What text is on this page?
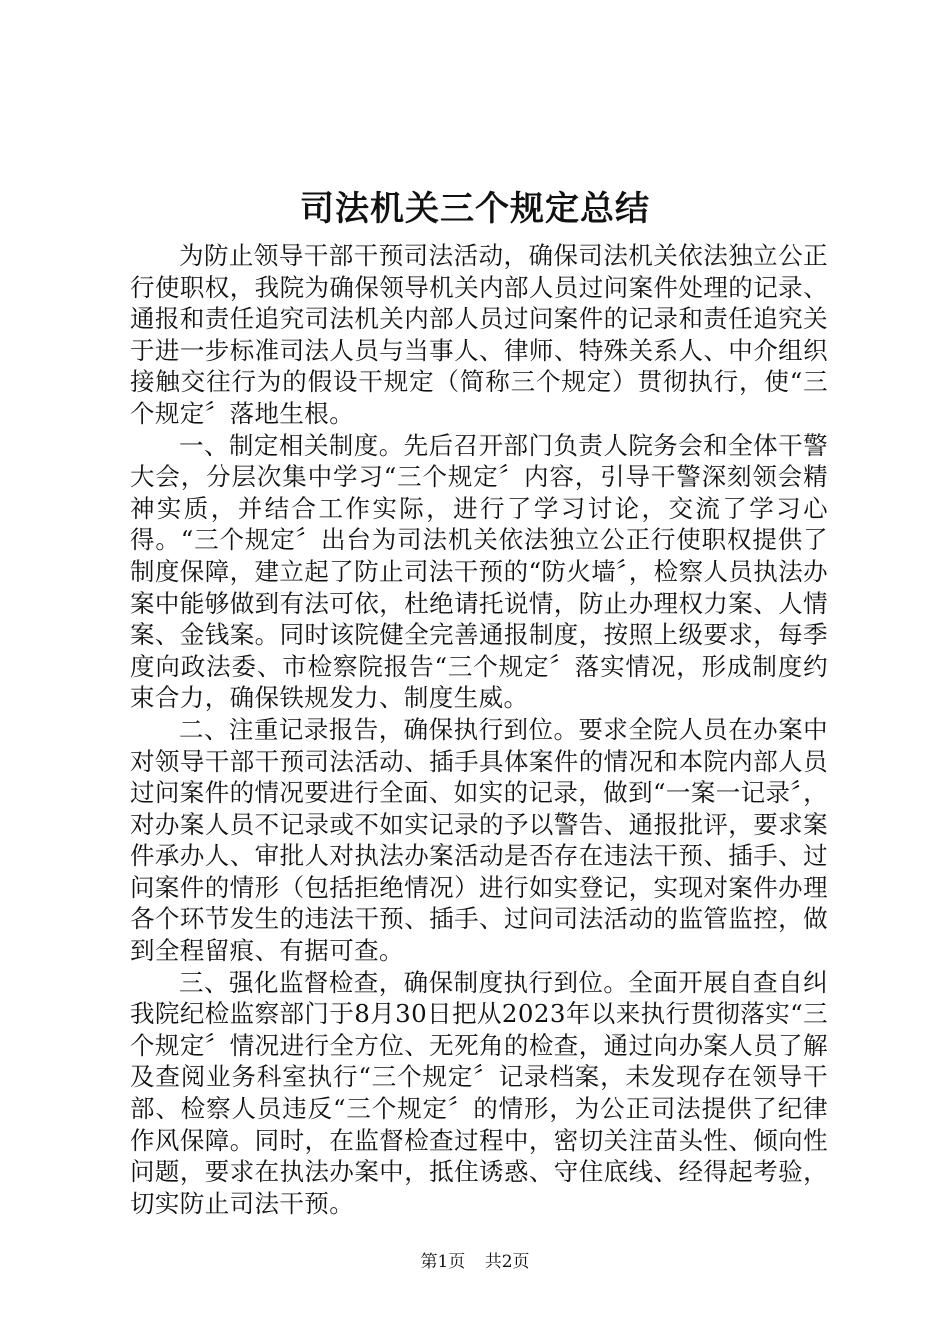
司法机关三个规定总结

为防止领导干部干预司法活动，确保司法机关依法独立公正行使职权，我院为确保领导机关内部人员过问案件处理的记录、通报和责任追究司法机关内部人员过问案件的记录和责任追究关于进一步标准司法人员与当事人、律师、特殊关系人、中介组织接触交往行为的假设干规定（简称三个规定）贯彻执行，使“三个规定〞落地生根。

一、制定相关制度。先后召开部门负责人院务会和全体干警大会，分层次集中学习“三个规定〞内容，引导干警深刻领会精神实质，并结合工作实际，进行了学习讨论，交流了学习心得。“三个规定〞出台为司法机关依法独立公正行使职权提供了制度保障，建立起了防止司法干预的“防火墙〞，检察人员执法办案中能够做到有法可依，杜绝请托说情，防止办理权力案、人情案、金钱案。同时该院健全完善通报制度，按照上级要求，每季度向政法委、市检察院报告“三个规定〞落实情况，形成制度约束合力，确保铁规发力、制度生威。

二、注重记录报告，确保执行到位。要求全院人员在办案中对领导干部干预司法活动、插手具体案件的情况和本院内部人员过问案件的情况要进行全面、如实的记录，做到“一案一记录〞，对办案人员不记录或不如实记录的予以警告、通报批评，要求案件承办人、审批人对执法办案活动是否存在违法干预、插手、过问案件的情形（包括拒绝情况）进行如实登记，实现对案件办理各个环节发生的违法干预、插手、过问司法活动的监管监控，做到全程留痕、有据可查。

三、强化监督检查，确保制度执行到位。全面开展自查自纠我院纪检监察部门于8月30日把从2023年以来执行贯彻落实“三个规定〞情况进行全方位、无死角的检查，通过向办案人员了解及查阅业务科室执行“三个规定〞记录档案，未发现存在领导干部、检察人员违反“三个规定〞的情形，为公正司法提供了纪律作风保障。同时，在监督检查过程中，密切关注苗头性、倾向性问题，要求在执法办案中，抵住诱惑、守住底线、经得起考验，切实防止司法干预。

第1页 共2页
